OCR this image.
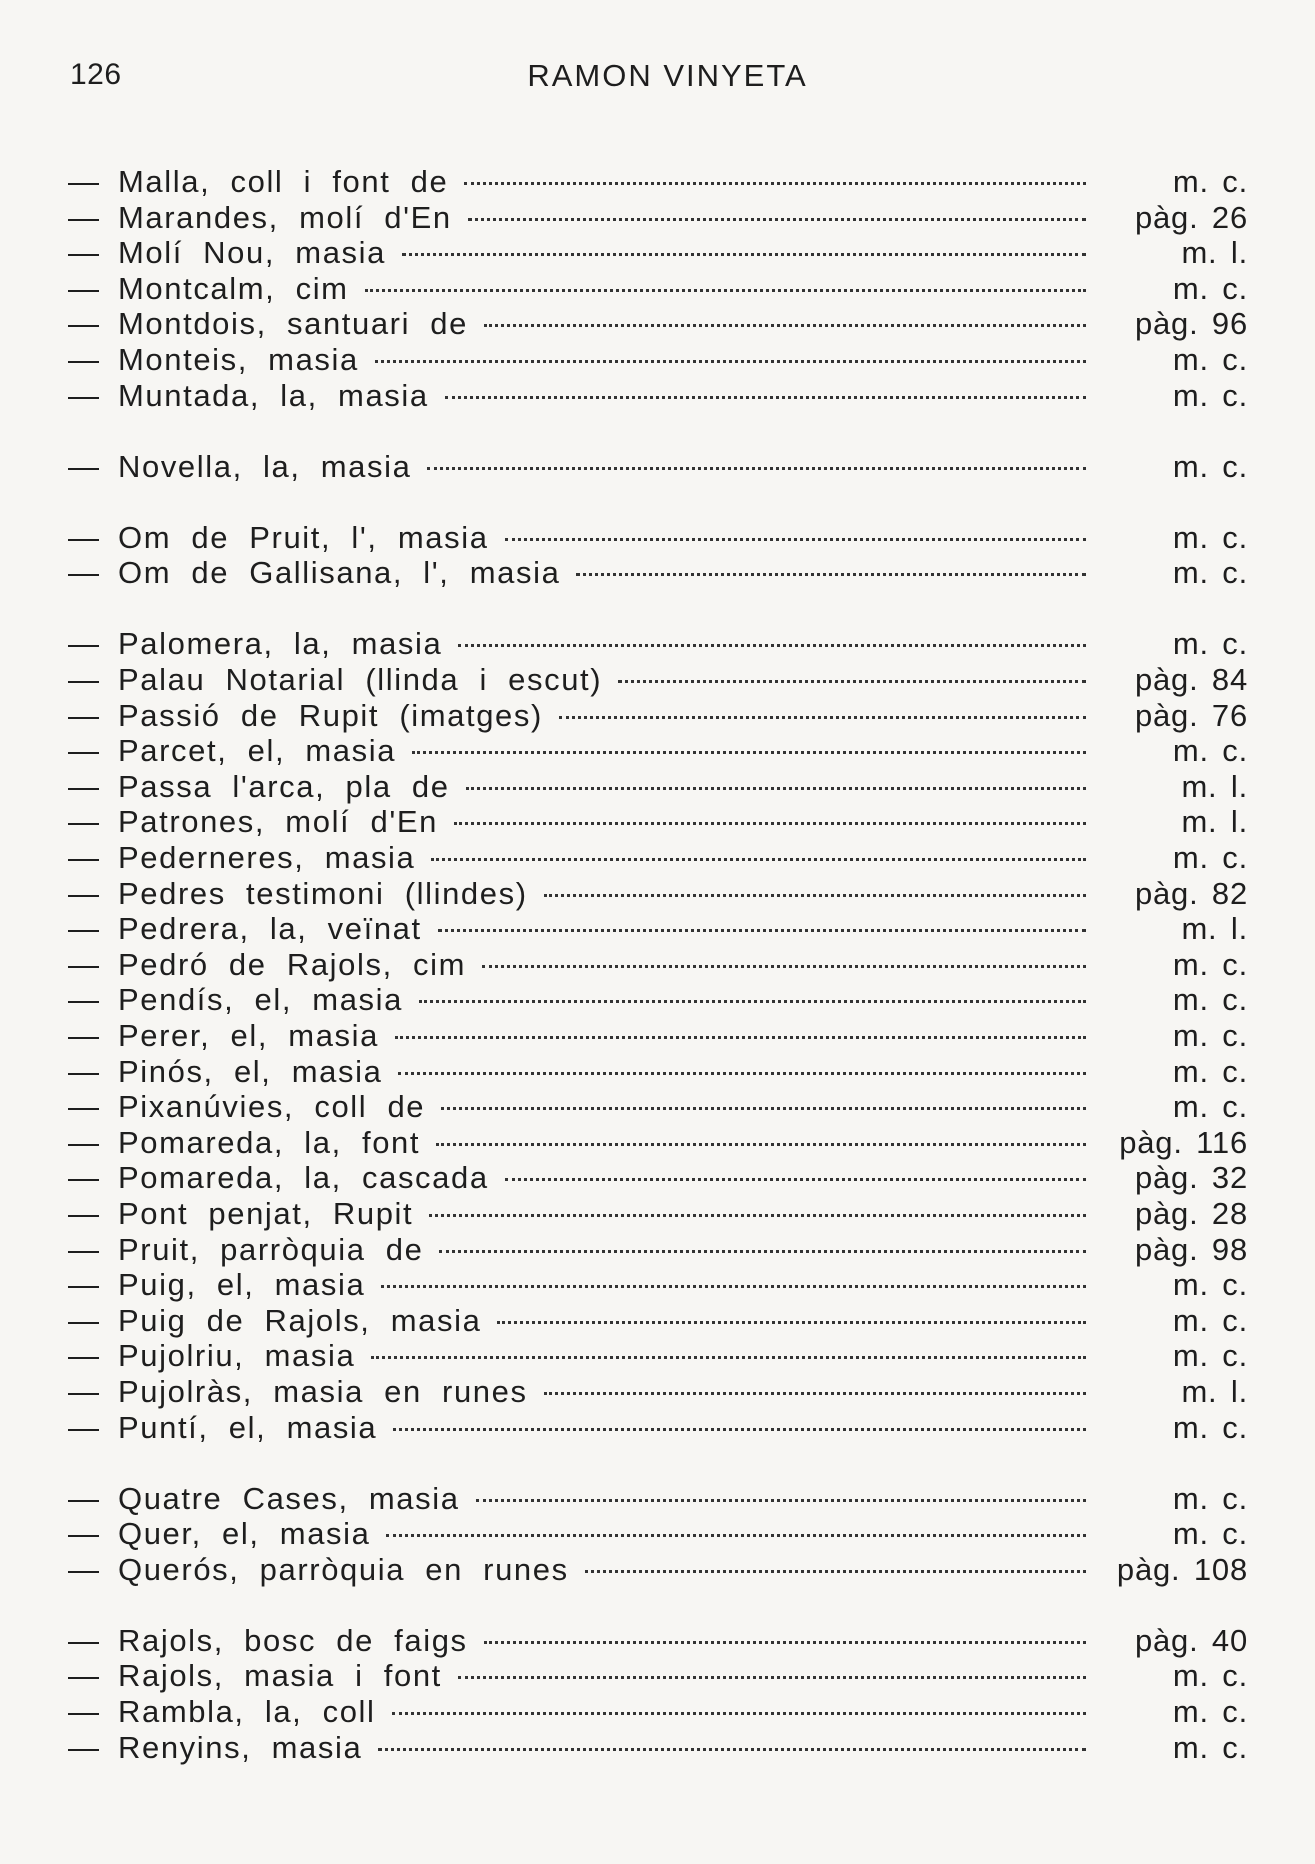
126	RAMON VINYETA
— Malla, coll i font de	m. c.
— Marandes, molí d'En	pàg. 26
— Molí Nou, masia	m. l.
— Montcalm, cim	m. c.
— Montdois, santuari de	pàg. 96
— Monteis, masia	m. c.
— Muntada, la, masia	m. c.
— Novella, la, masia	m. c.
— Om de Pruit, l', masia	m. c.
— Om de Gallisana, l', masia	m. c.
— Palomera, la, masia	m. c.
— Palau Notarial (llinda i escut)	pàg. 84
— Passió de Rupit (imatges)	pàg. 76
— Parcet, el, masia	m. c.
— Passa l'arca, pla de	m. l.
— Patrones, molí d'En	m. l.
— Pederneres, masia	m. c.
— Pedres testimoni (llindes)	pàg. 82
— Pedrera, la, veïnat	m. l.
— Pedró de Rajols, cim	m. c.
— Pendís, el, masia	m. c.
— Perer, el, masia	m. c.
— Pinós, el, masia	m. c.
— Pixanúvies, coll de	m. c.
— Pomareda, la, font	pàg. 116
— Pomareda, la, cascada	pàg. 32
— Pont penjat, Rupit	pàg. 28
— Pruit, parròquia de	pàg. 98
— Puig, el, masia	m. c.
— Puig de Rajols, masia	m. c.
— Pujolriu, masia	m. c.
— Pujolràs, masia en runes	m. l.
— Puntí, el, masia	m. c.
— Quatre Cases, masia	m. c.
— Quer, el, masia	m. c.
— Querós, parròquia en runes	pàg. 108
— Rajols, bosc de faigs	pàg. 40
— Rajols, masia i font	m. c.
— Rambla, la, coll	m. c.
— Renyins, masia	m. c.
